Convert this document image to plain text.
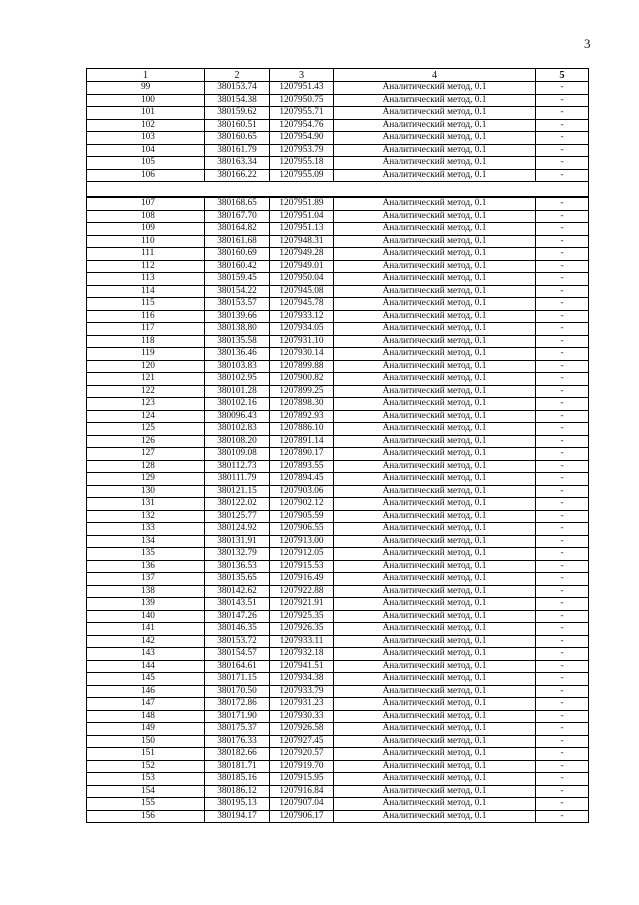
3
1	2	3	4	5
99	380153.74	1207951.43	Аналитический метод, 0.1	-
100	380154.38	1207950.75	Аналитический метод, 0.1	-
101	380159.62	1207955.71	Аналитический метод, 0.1	-
102	380160.51	1207954.76	Аналитический метод, 0.1	-
103	380160.65	1207954.90	Аналитический метод, 0.1	-
104	380161.79	1207953.79	Аналитический метод, 0.1	-
105	380163.34	1207955.18	Аналитический метод, 0.1	-
106	380166.22	1207955.09	Аналитический метод, 0.1	-

107	380168.65	1207951.89	Аналитический метод, 0.1	-
108	380167.70	1207951.04	Аналитический метод, 0.1	-
109	380164.82	1207951.13	Аналитический метод, 0.1	-
110	380161.68	1207948.31	Аналитический метод, 0.1	-
111	380160.69	1207949.28	Аналитический метод, 0.1	-
112	380160.42	1207949.01	Аналитический метод, 0.1	-
113	380159.45	1207950.04	Аналитический метод, 0.1	-
114	380154.22	1207945.08	Аналитический метод, 0.1	-
115	380153.57	1207945.78	Аналитический метод, 0.1	-
116	380139.66	1207933.12	Аналитический метод, 0.1	-
117	380138.80	1207934.05	Аналитический метод, 0.1	-
118	380135.58	1207931.10	Аналитический метод, 0.1	-
119	380136.46	1207930.14	Аналитический метод, 0.1	-
120	380103.83	1207899.88	Аналитический метод, 0.1	-
121	380102.95	1207900.82	Аналитический метод, 0.1	-
122	380101.28	1207899.25	Аналитический метод, 0.1	-
123	380102.16	1207898.30	Аналитический метод, 0.1	-
124	380096.43	1207892.93	Аналитический метод, 0.1	-
125	380102.83	1207886.10	Аналитический метод, 0.1	-
126	380108.20	1207891.14	Аналитический метод, 0.1	-
127	380109.08	1207890.17	Аналитический метод, 0.1	-
128	380112.73	1207893.55	Аналитический метод, 0.1	-
129	380111.79	1207894.45	Аналитический метод, 0.1	-
130	380121.15	1207903.06	Аналитический метод, 0.1	-
131	380122.02	1207902.12	Аналитический метод, 0.1	-
132	380125.77	1207905.59	Аналитический метод, 0.1	-
133	380124.92	1207906.55	Аналитический метод, 0.1	-
134	380131.91	1207913.00	Аналитический метод, 0.1	-
135	380132.79	1207912.05	Аналитический метод, 0.1	-
136	380136.53	1207915.53	Аналитический метод, 0.1	-
137	380135.65	1207916.49	Аналитический метод, 0.1	-
138	380142.62	1207922.88	Аналитический метод, 0.1	-
139	380143.51	1207921.91	Аналитический метод, 0.1	-
140	380147.26	1207925.35	Аналитический метод, 0.1	-
141	380146.35	1207926.35	Аналитический метод, 0.1	-
142	380153.72	1207933.11	Аналитический метод, 0.1	-
143	380154.57	1207932.18	Аналитический метод, 0.1	-
144	380164.61	1207941.51	Аналитический метод, 0.1	-
145	380171.15	1207934.38	Аналитический метод, 0.1	-
146	380170.50	1207933.79	Аналитический метод, 0.1	-
147	380172.86	1207931.23	Аналитический метод, 0.1	-
148	380171.90	1207930.33	Аналитический метод, 0.1	-
149	380175.37	1207926.58	Аналитический метод, 0.1	-
150	380176.33	1207927.45	Аналитический метод, 0.1	-
151	380182.66	1207920.57	Аналитический метод, 0.1	-
152	380181.71	1207919.70	Аналитический метод, 0.1	-
153	380185.16	1207915.95	Аналитический метод, 0.1	-
154	380186.12	1207916.84	Аналитический метод, 0.1	-
155	380195.13	1207907.04	Аналитический метод, 0.1	-
156	380194.17	1207906.17	Аналитический метод, 0.1	-
